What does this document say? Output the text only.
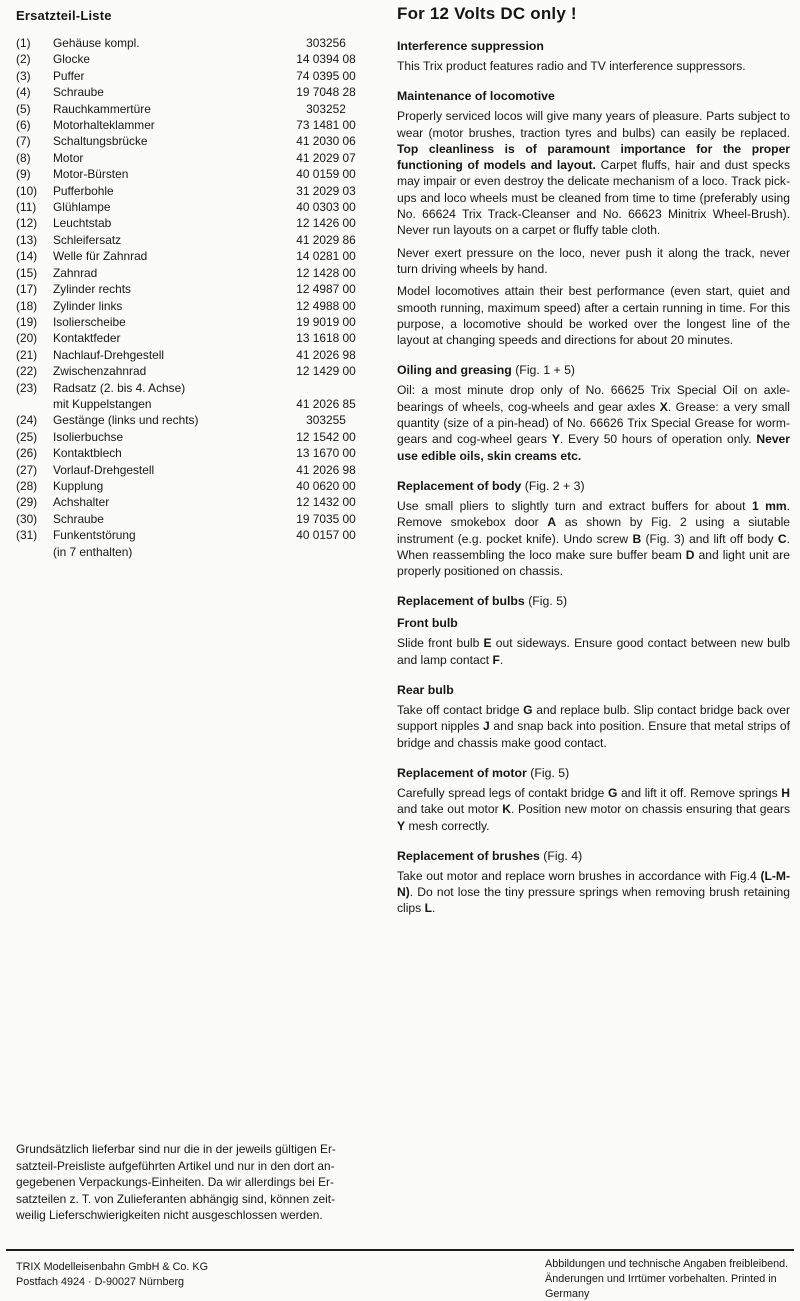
Ersatzteil-Liste
(1)	Gehäuse kompl.	303256
(2)	Glocke	14 0394 08
(3)	Puffer	74 0395 00
(4)	Schraube	19 7048 28
(5)	Rauchkammertüre	303252
(6)	Motorhalteklammer	73 1481 00
(7)	Schaltungsbrücke	41 2030 06
(8)	Motor	41 2029 07
(9)	Motor-Bürsten	40 0159 00
(10)	Pufferbohle	31 2029 03
(11)	Glühlampe	40 0303 00
(12)	Leuchtstab	12 1426 00
(13)	Schleifersatz	41 2029 86
(14)	Welle für Zahnrad	14 0281 00
(15)	Zahnrad	12 1428 00
(17)	Zylinder rechts	12 4987 00
(18)	Zylinder links	12 4988 00
(19)	Isolierscheibe	19 9019 00
(20)	Kontaktfeder	13 1618 00
(21)	Nachlauf-Drehgestell	41 2026 98
(22)	Zwischenzahnrad	12 1429 00
(23)	Radsatz (2. bis 4. Achse)
mit Kuppelstangen	41 2026 85
(24)	Gestänge (links und rechts)	303255
(25)	Isolierbuchse	12 1542 00
(26)	Kontaktblech	13 1670 00
(27)	Vorlauf-Drehgestell	41 2026 98
(28)	Kupplung	40 0620 00
(29)	Achshalter	12 1432 00
(30)	Schraube	19 7035 00
(31)	Funkentstörung	40 0157 00
(in 7 enthalten)
For 12 Volts DC only !
Interference suppression

This Trix product features radio and TV interference suppressors.

Maintenance of locomotive

Properly serviced locos will give many years of pleasure. Parts subject to wear (motor brushes, traction tyres and bulbs) can easily be replaced. Top cleanliness is of paramount importance for the proper functioning of models and layout. Carpet fluffs, hair and dust specks may impair or even destroy the delicate mechanism of a loco. Track pick-ups and loco wheels must be cleaned from time to time (preferably using No. 66624 Trix Track-Cleanser and No. 66623 Minitrix Wheel-Brush). Never run layouts on a carpet or fluffy table cloth.

Never exert pressure on the loco, never push it along the track, never turn driving wheels by hand.

Model locomotives attain their best performance (even start, quiet and smooth running, maximum speed) after a certain running in time. For this purpose, a locomotive should be worked over the longest line of the layout at changing speeds and directions for about 20 minutes.

Oiling and greasing (Fig. 1 + 5)

Oil: a most minute drop only of No. 66625 Trix Special Oil on axle-bearings of wheels, cog-wheels and gear axles X. Grease: a very small quantity (size of a pin-head) of No. 66626 Trix Special Grease for worm-gears and cog-wheel gears Y. Every 50 hours of operation only. Never use edible oils, skin creams etc.

Replacement of body (Fig. 2 + 3)

Use small pliers to slightly turn and extract buffers for about 1 mm. Remove smokebox door A as shown by Fig. 2 using a siutable instrument (e.g. pocket knife). Undo screw B (Fig. 3) and lift off body C. When reassembling the loco make sure buffer beam D and light unit are properly positioned on chassis.

Replacement of bulbs (Fig. 5)
Front bulb

Slide front bulb E out sideways. Ensure good contact between new bulb and lamp contact F.

Rear bulb

Take off contact bridge G and replace bulb. Slip contact bridge back over support nipples J and snap back into position. Ensure that metal strips of bridge and chassis make good contact.

Replacement of motor (Fig. 5)

Carefully spread legs of contakt bridge G and lift it off. Remove springs H and take out motor K. Position new motor on chassis ensuring that gears Y mesh correctly.

Replacement of brushes (Fig. 4)

Take out motor and replace worn brushes in accordance with Fig.4 (L-M-N). Do not lose the tiny pressure springs when removing brush retaining clips L.

Grundsätzlich lieferbar sind nur die in der jeweils gültigen Er-
satzteil-Preisliste aufgeführten Artikel und nur in den dort an-
gegebenen Verpackungs-Einheiten. Da wir allerdings bei Er-
satzteilen z. T. von Zulieferanten abhängig sind, können zeit-
weilig Lieferschwierigkeiten nicht ausgeschlossen werden.
TRIX Modelleisenbahn GmbH & Co. KG
Postfach 4924 · D-90027 Nürnberg
Abbildungen und technische Angaben freibleibend.
Änderungen und Irrtümer vorbehalten. Printed in Germany
